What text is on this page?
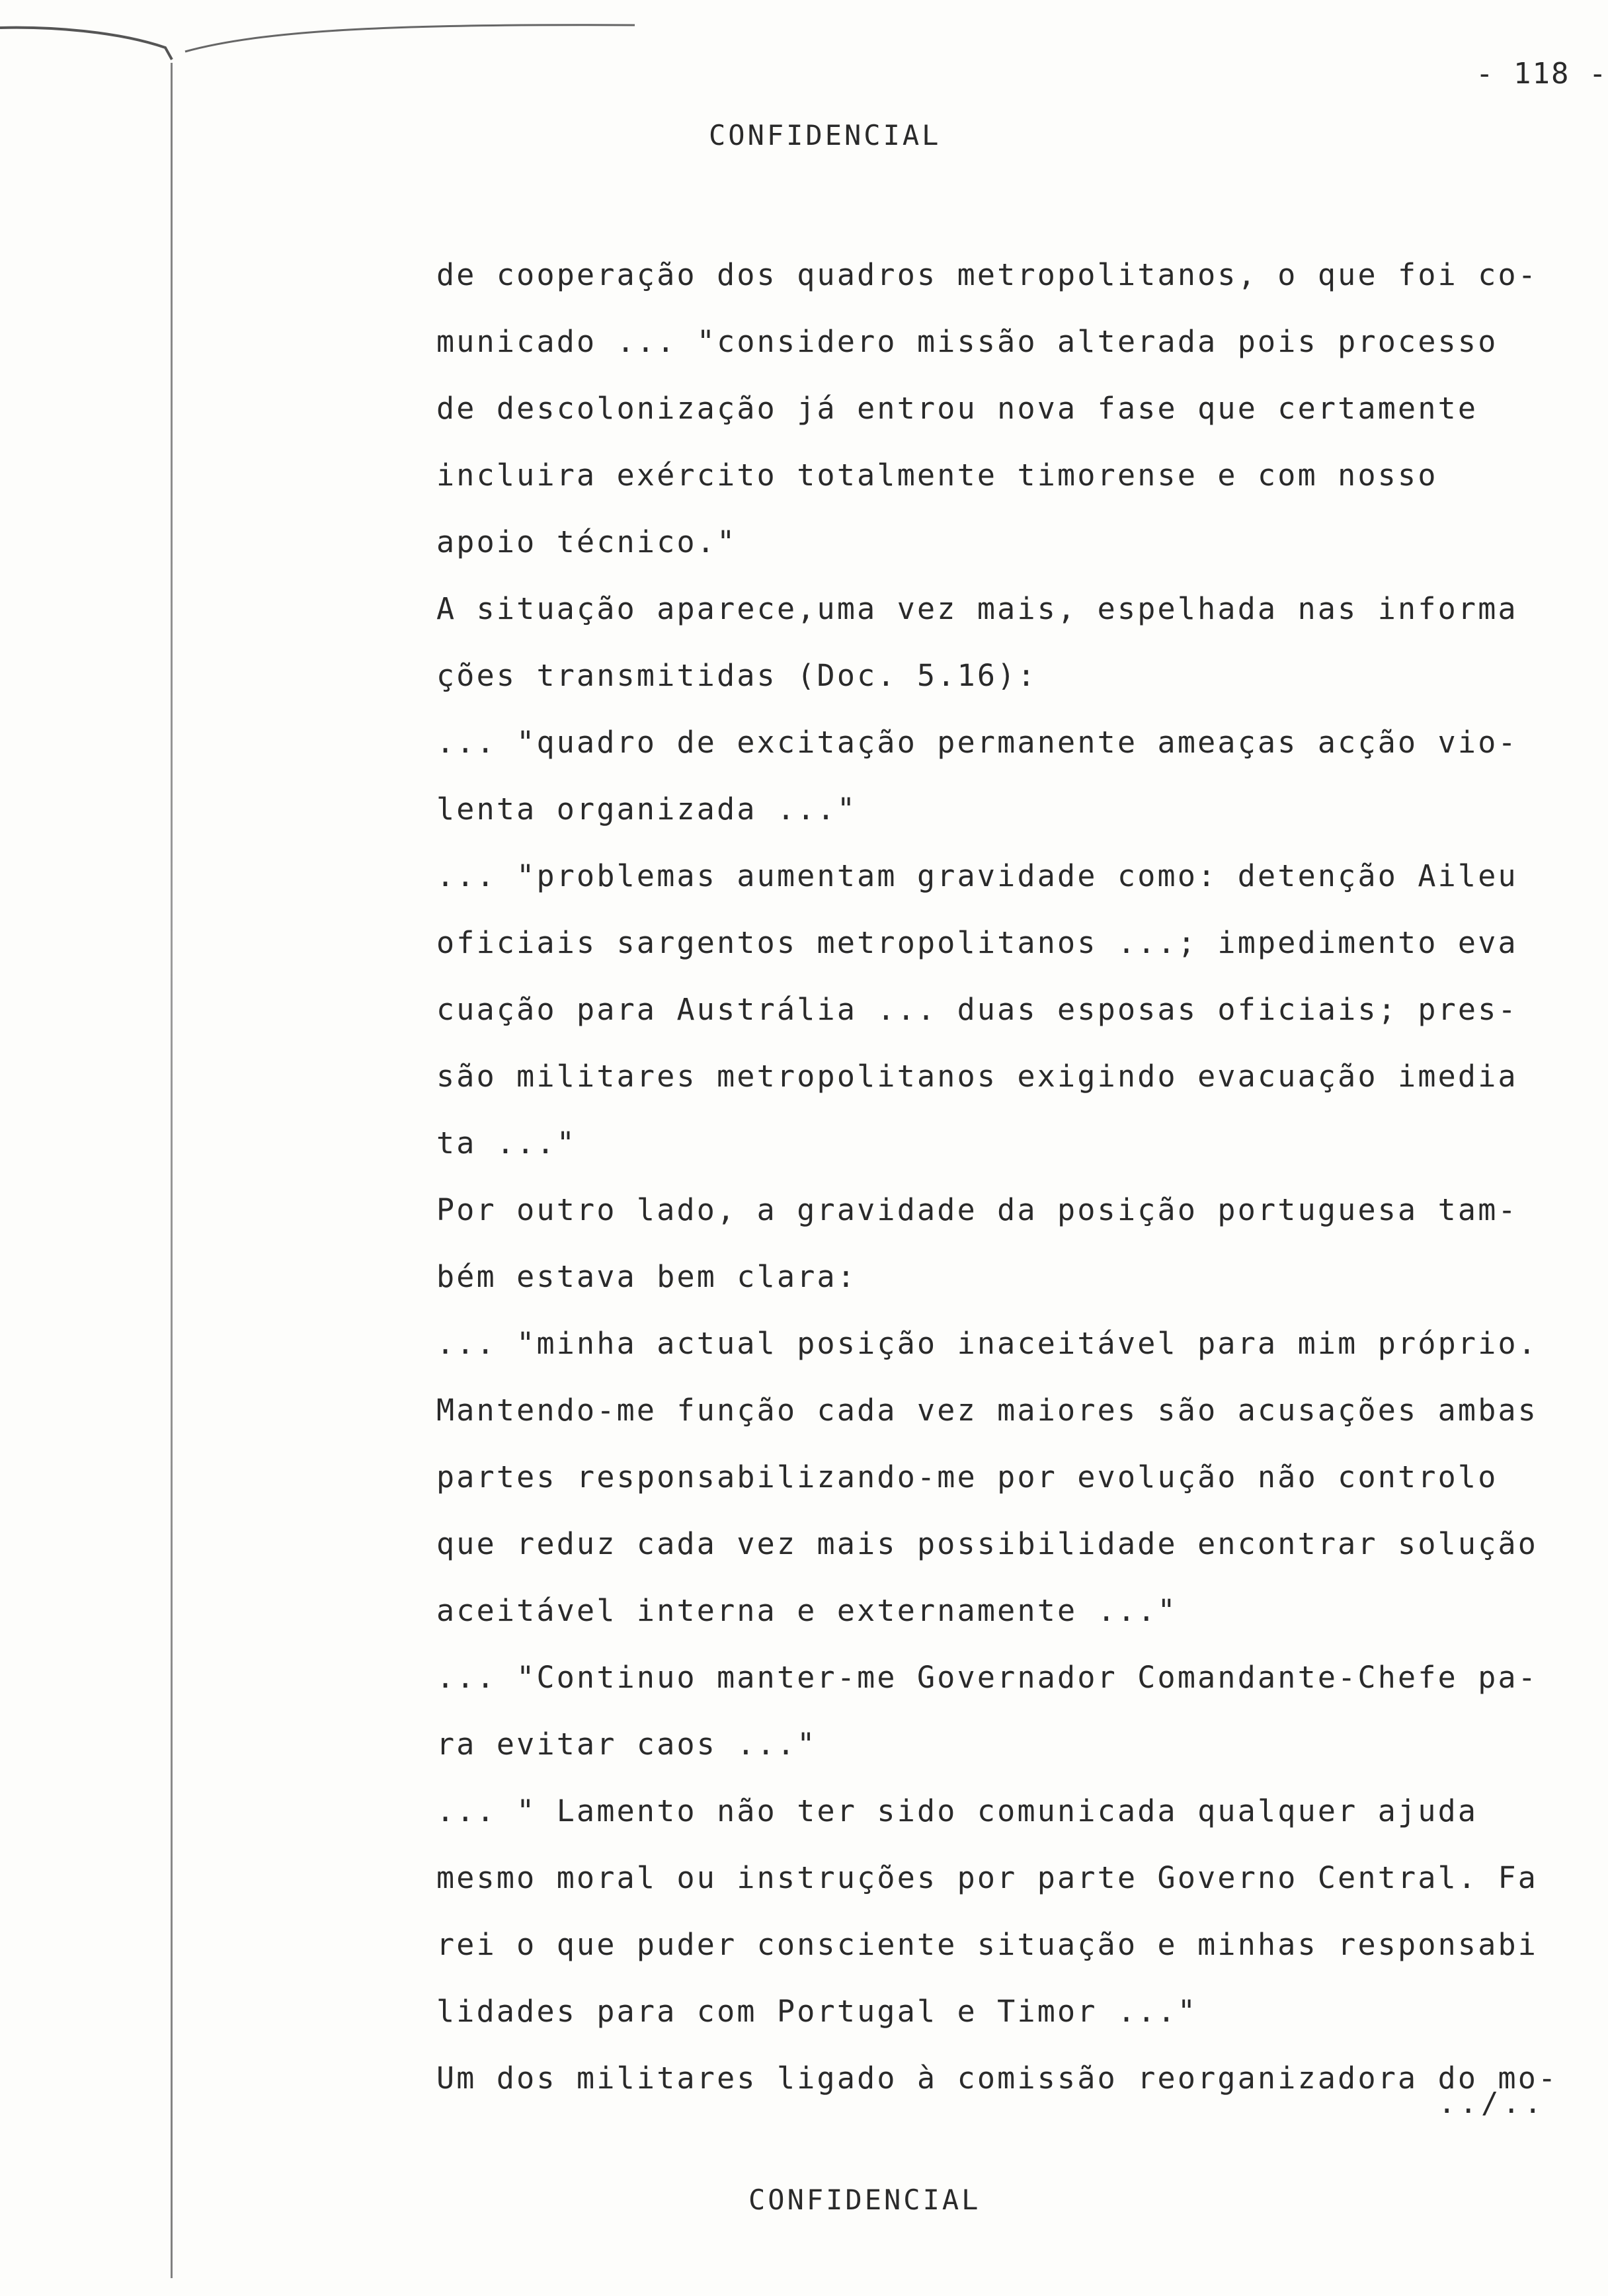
- 118 -
CONFIDENCIAL
de cooperação dos quadros metropolitanos, o que foi co-
municado ... "considero missão alterada pois processo
de descolonização já entrou nova fase que certamente
incluira exército totalmente timorense e com nosso
apoio técnico."
A situação aparece,uma vez mais, espelhada nas informa
ções transmitidas (Doc. 5.16):
... "quadro de excitação permanente ameaças acção vio-
lenta organizada ..."
... "problemas aumentam gravidade como: detenção Aileu
oficiais sargentos metropolitanos ...; impedimento eva
cuação para Austrália ... duas esposas oficiais; pres-
são militares metropolitanos exigindo evacuação imedia
ta ..."
Por outro lado, a gravidade da posição portuguesa tam-
bém estava bem clara:
... "minha actual posição inaceitável para mim próprio.
Mantendo-me função cada vez maiores são acusações ambas
partes responsabilizando-me por evolução não controlo
que reduz cada vez mais possibilidade encontrar solução
aceitável interna e externamente ..."
... "Continuo manter-me Governador Comandante-Chefe pa-
ra evitar caos ..."
... " Lamento não ter sido comunicada qualquer ajuda
mesmo moral ou instruções por parte Governo Central. Fa
rei o que puder consciente situação e minhas responsabi
lidades para com Portugal e Timor ..."
Um dos militares ligado à comissão reorganizadora do mo-
../..
CONFIDENCIAL
